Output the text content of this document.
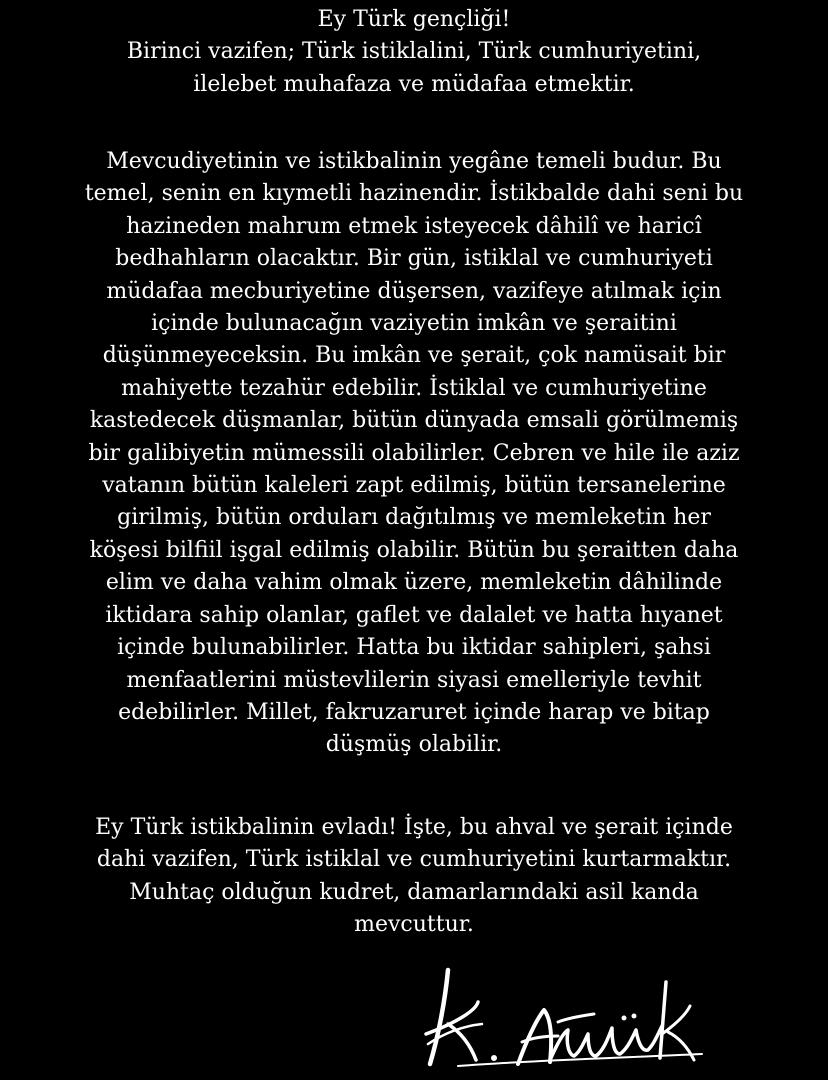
Ey Türk gençliği!
Birinci vazifen; Türk istiklalini, Türk cumhuriyetini,
ilelebet muhafaza ve müdafaa etmektir.
Mevcudiyetinin ve istikbalinin yegâne temeli budur. Bu
temel, senin en kıymetli hazinendir. İstikbalde dahi seni bu
hazineden mahrum etmek isteyecek dâhilî ve haricî
bedhahların olacaktır. Bir gün, istiklal ve cumhuriyeti
müdafaa mecburiyetine düşersen, vazifeye atılmak için
içinde bulunacağın vaziyetin imkân ve şeraitini
düşünmeyeceksin. Bu imkân ve şerait, çok namüsait bir
mahiyette tezahür edebilir. İstiklal ve cumhuriyetine
kastedecek düşmanlar, bütün dünyada emsali görülmemiş
bir galibiyetin mümessili olabilirler. Cebren ve hile ile aziz
vatanın bütün kaleleri zapt edilmiş, bütün tersanelerine
girilmiş, bütün orduları dağıtılmış ve memleketin her
köşesi bilfiil işgal edilmiş olabilir. Bütün bu şeraitten daha
elim ve daha vahim olmak üzere, memleketin dâhilinde
iktidara sahip olanlar, gaflet ve dalalet ve hatta hıyanet
içinde bulunabilirler. Hatta bu iktidar sahipleri, şahsi
menfaatlerini müstevlilerin siyasi emelleriyle tevhit
edebilirler. Millet, fakruzaruret içinde harap ve bitap
düşmüş olabilir.
Ey Türk istikbalinin evladı! İşte, bu ahval ve şerait içinde
dahi vazifen, Türk istiklal ve cumhuriyetini kurtarmaktır.
Muhtaç olduğun kudret, damarlarındaki asil kanda
mevcuttur.
